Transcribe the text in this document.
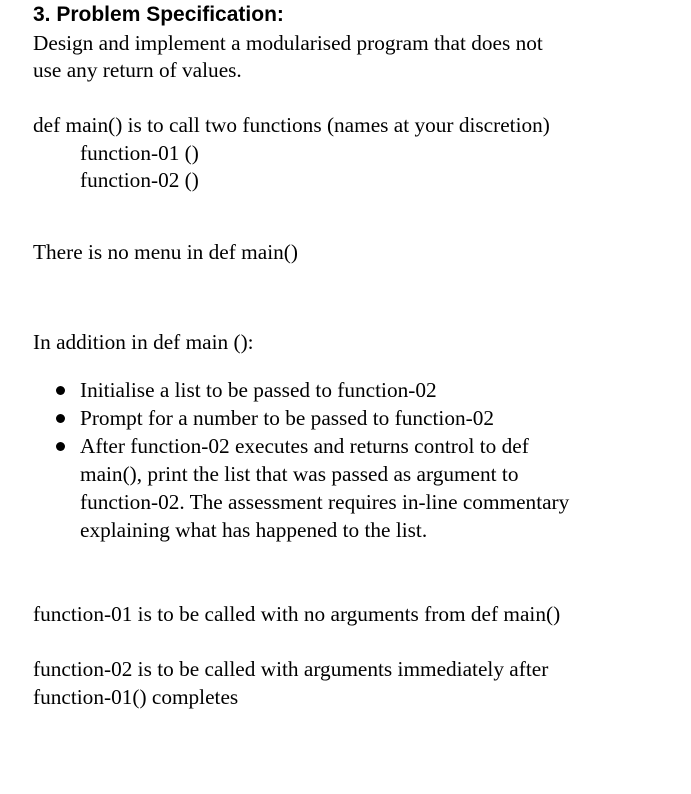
3. Problem Specification:

Design and implement a modularised program that does not

use any return of values.

def main() is to call two functions (names at your discretion)

function-01 ()

function-02 ()

There is no menu in def main()

In addition in def main ():

Initialise a list to be passed to function-02
Prompt for a number to be passed to function-02
After function-02 executes and returns control to def
main(), print the list that was passed as argument to
function-02. The assessment requires in-line commentary
explaining what has happened to the list.

function-01 is to be called with no arguments from def main()

function-02 is to be called with arguments immediately after

function-01() completes
